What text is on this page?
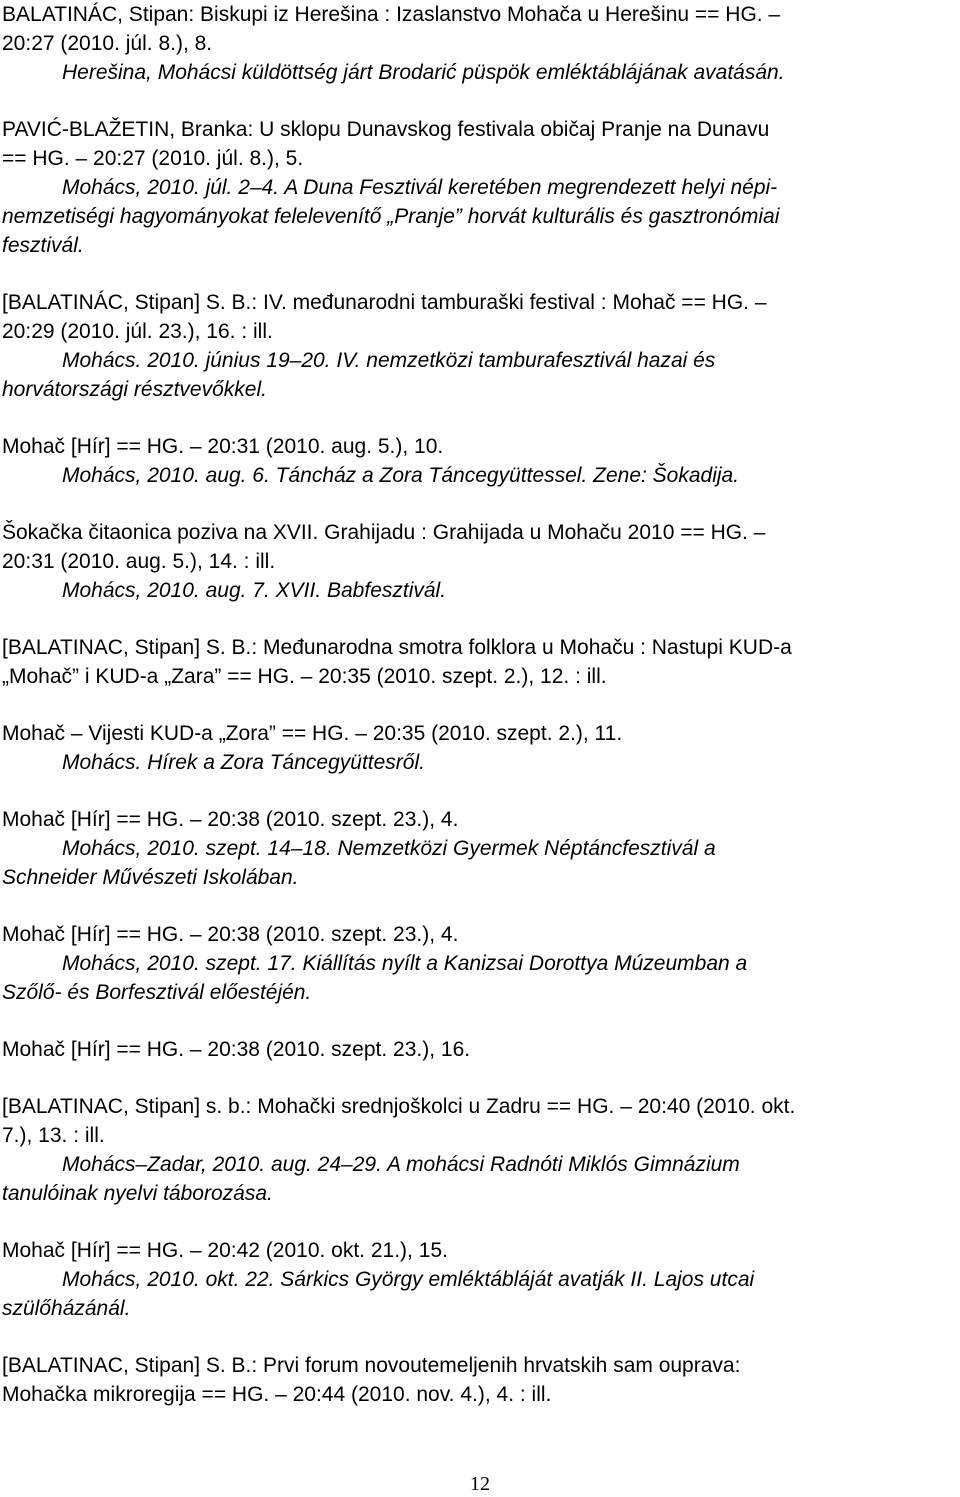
BALATINÁC, Stipan: Biskupi iz Herešina : Izaslanstvo Mohača u Herešinu == HG. –
20:27 (2010. júl. 8.), 8.
Herešina, Mohácsi küldöttség járt Brodarić püspök emléktáblájának avatásán.
PAVIĆ-BLAŽETIN, Branka: U sklopu Dunavskog festivala običaj Pranje na Dunavu
== HG. – 20:27 (2010. júl. 8.), 5.
Mohács, 2010. júl. 2–4. A Duna Fesztivál keretében megrendezett helyi népi-
nemzetiségi hagyományokat felelevenítő „Pranje” horvát kulturális és gasztronómiai
fesztivál.
[BALATINÁC, Stipan] S. B.: IV. međunarodni tamburaški festival : Mohač == HG. –
20:29 (2010. júl. 23.), 16. : ill.
Mohács. 2010. június 19–20. IV. nemzetközi tamburafesztivál hazai és
horvátországi résztvevőkkel.
Mohač [Hír] == HG. – 20:31 (2010. aug. 5.), 10.
Mohács, 2010. aug. 6. Táncház a Zora Táncegyüttessel. Zene: Šokadija.
Šokačka čitaonica poziva na XVII. Grahijadu : Grahijada u Mohaču 2010 == HG. –
20:31 (2010. aug. 5.), 14. : ill.
Mohács, 2010. aug. 7. XVII. Babfesztivál.
[BALATINAC, Stipan] S. B.: Međunarodna smotra folklora u Mohaču : Nastupi KUD-a
„Mohač” i KUD-a „Zara” == HG. – 20:35 (2010. szept. 2.), 12. : ill.
Mohač – Vijesti KUD-a „Zora” == HG. – 20:35 (2010. szept. 2.), 11.
Mohács. Hírek a Zora Táncegyüttesről.
Mohač [Hír] == HG. – 20:38 (2010. szept. 23.), 4.
Mohács, 2010. szept. 14–18. Nemzetközi Gyermek Néptáncfesztivál a
Schneider Művészeti Iskolában.
Mohač [Hír] == HG. – 20:38 (2010. szept. 23.), 4.
Mohács, 2010. szept. 17. Kiállítás nyílt a Kanizsai Dorottya Múzeumban a
Szőlő- és Borfesztivál előestéjén.
Mohač [Hír] == HG. – 20:38 (2010. szept. 23.), 16.
[BALATINAC, Stipan] s. b.: Mohački srednjoškolci u Zadru == HG. – 20:40 (2010. okt.
7.), 13. : ill.
Mohács–Zadar, 2010. aug. 24–29. A mohácsi Radnóti Miklós Gimnázium
tanulóinak nyelvi táborozása.
Mohač [Hír] == HG. – 20:42 (2010. okt. 21.), 15.
Mohács, 2010. okt. 22. Sárkics György emléktábláját avatják II. Lajos utcai
szülőházánál.
[BALATINAC, Stipan] S. B.: Prvi forum novoutemeljenih hrvatskih sam ouprava:
Mohačka mikroregija == HG. – 20:44 (2010. nov. 4.), 4. : ill.
12
